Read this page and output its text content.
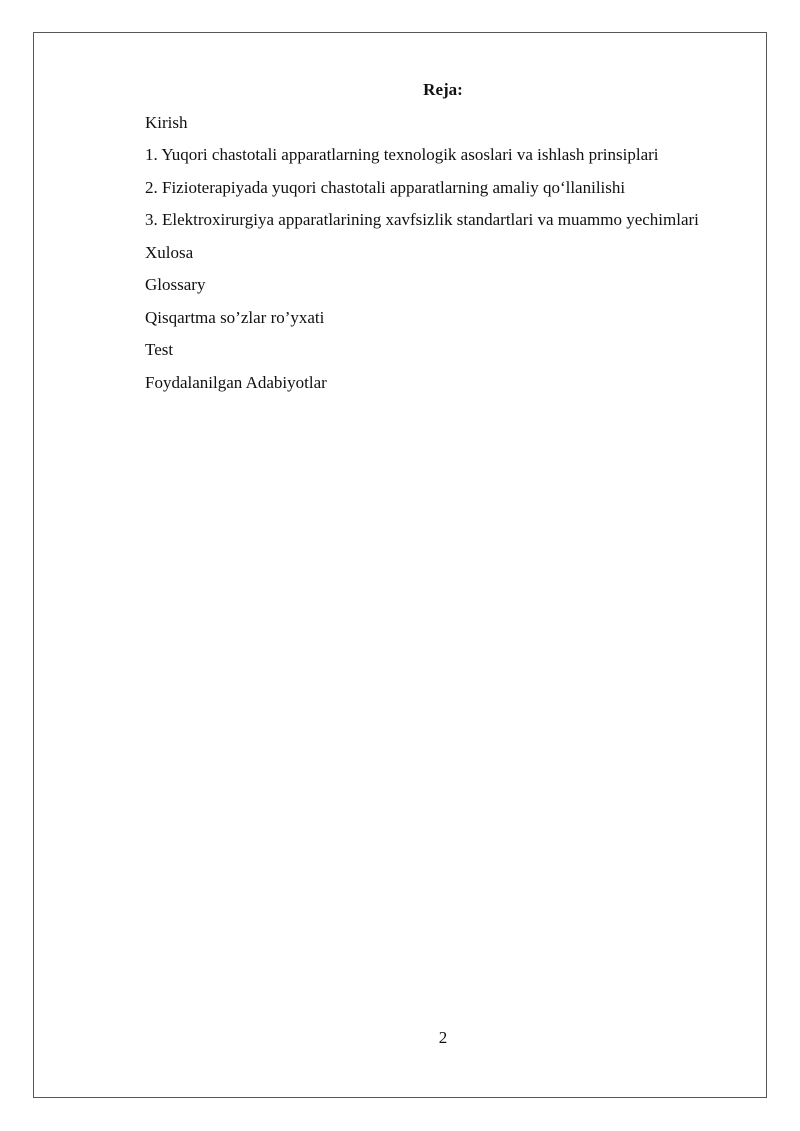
Reja:

Kirish

1. Yuqori chastotali apparatlarning texnologik asoslari va ishlash prinsiplari

2. Fizioterapiyada yuqori chastotali apparatlarning amaliy qo‘llanilishi

3. Elektroxirurgiya apparatlarining xavfsizlik standartlari va muammo yechimlari

Xulosa

Glossary

Qisqartma so’zlar ro’yxati

Test

Foydalanilgan Adabiyotlar

2
